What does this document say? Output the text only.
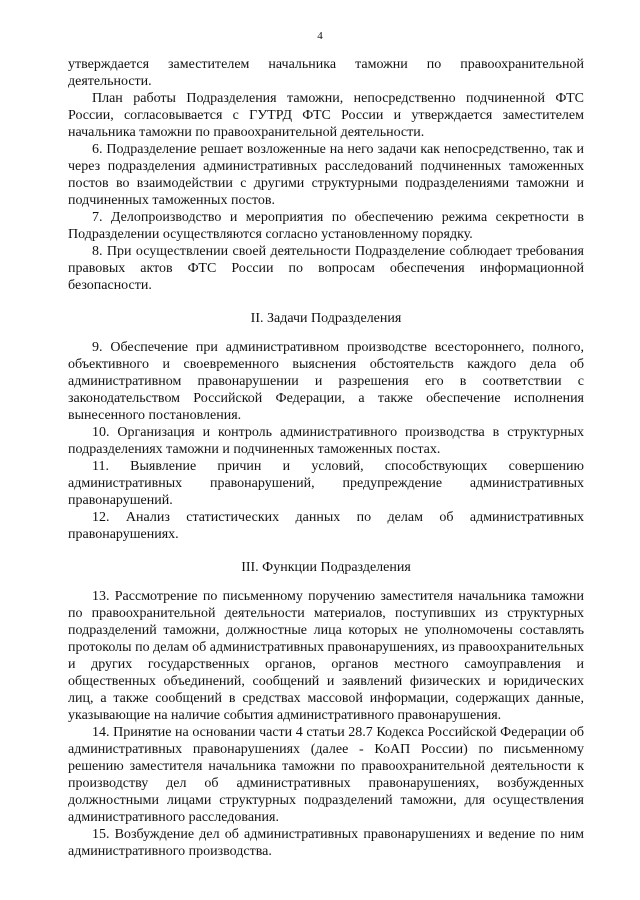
4

утверждается заместителем начальника таможни по правоохранительной деятельности.

План работы Подразделения таможни, непосредственно подчиненной ФТС России, согласовывается с ГУТРД ФТС России и утверждается заместителем начальника таможни по правоохранительной деятельности.

6. Подразделение решает возложенные на него задачи как непосредственно, так и через подразделения административных расследований подчиненных таможенных постов во взаимодействии с другими структурными подразделениями таможни и подчиненных таможенных постов.

7. Делопроизводство и мероприятия по обеспечению режима секретности в Подразделении осуществляются согласно установленному порядку.

8. При осуществлении своей деятельности Подразделение соблюдает требования правовых актов ФТС России по вопросам обеспечения информационной безопасности.

II. Задачи Подразделения

9. Обеспечение при административном производстве всестороннего, полного, объективного и своевременного выяснения обстоятельств каждого дела об административном правонарушении и разрешения его в соответствии с законодательством Российской Федерации, а также обеспечение исполнения вынесенного постановления.

10. Организация и контроль административного производства в структурных подразделениях таможни и подчиненных таможенных постах.

11. Выявление причин и условий, способствующих совершению административных правонарушений, предупреждение административных правонарушений.

12. Анализ статистических данных по делам об административных правонарушениях.

III. Функции Подразделения

13. Рассмотрение по письменному поручению заместителя начальника таможни по правоохранительной деятельности материалов, поступивших из структурных подразделений таможни, должностные лица которых не уполномочены составлять протоколы по делам об административных правонарушениях, из правоохранительных и других государственных органов, органов местного самоуправления и общественных объединений, сообщений и заявлений физических и юридических лиц, а также сообщений в средствах массовой информации, содержащих данные, указывающие на наличие события административного правонарушения.

14. Принятие на основании части 4 статьи 28.7 Кодекса Российской Федерации об административных правонарушениях (далее - КоАП России) по письменному решению заместителя начальника таможни по правоохранительной деятельности к производству дел об административных правонарушениях, возбужденных должностными лицами структурных подразделений таможни, для осуществления административного расследования.

15. Возбуждение дел об административных правонарушениях и ведение по ним административного производства.
